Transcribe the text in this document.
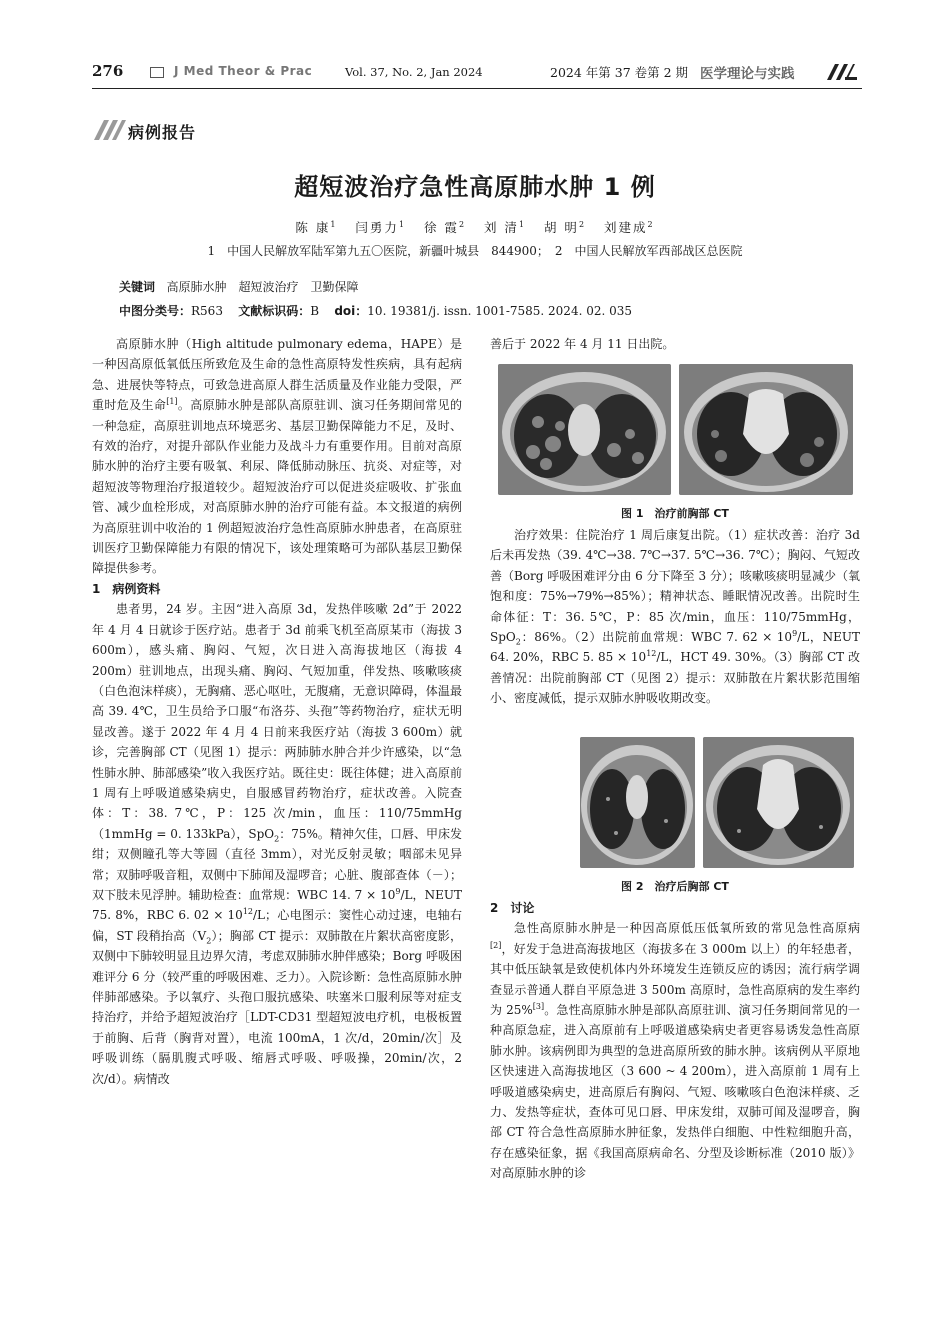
276	J Med Theor & Prac	Vol. 37, No. 2, Jan 2024	2024 年第 37 卷第 2 期 医学理论与实践
病例报告
超短波治疗急性高原肺水肿 1 例
陈 康$^1$ 闫勇力$^1$ 徐 霞$^2$ 刘 清$^1$ 胡 明$^2$ 刘建成$^2$
1　中国人民解放军陆军第九五〇医院，新疆叶城县　844900；　2　中国人民解放军西部战区总医院
关键词 高原肺水肿　超短波治疗　卫勤保障
中图分类号：R563 文献标识码：B doi：10. 19381/j. issn. 1001-7585. 2024. 02. 035

高原肺水肿（High altitude pulmonary edema，HAPE）是一种因高原低氧低压所致危及生命的急性高原特发性疾病，具有起病急、进展快等特点，可致急进高原人群生活质量及作业能力受限，严重时危及生命[1]。高原肺水肿是部队高原驻训、演习任务期间常见的一种急症，高原驻训地点环境恶劣、基层卫勤保障能力不足，及时、有效的治疗，对提升部队作业能力及战斗力有重要作用。目前对高原肺水肿的治疗主要有吸氧、利尿、降低肺动脉压、抗炎、对症等，对超短波等物理治疗报道较少。超短波治疗可以促进炎症吸收、扩张血管、减少血栓形成，对高原肺水肿的治疗可能有益。本文报道的病例为高原驻训中收治的 1 例超短波治疗急性高原肺水肿患者，在高原驻训医疗卫勤保障能力有限的情况下，该处理策略可为部队基层卫勤保障提供参考。

1　病例资料

患者男，24 岁。主因“进入高原 3d，发热伴咳嗽 2d”于 2022 年 4 月 4 日就诊于医疗站。患者于 3d 前乘飞机至高原某市（海拔 3 600m），感头痛、胸闷、气短，次日进入高海拔地区（海拔 4 200m）驻训地点，出现头痛、胸闷、气短加重，伴发热、咳嗽咳痰（白色泡沫样痰），无胸痛、恶心呕吐，无腹痛，无意识障碍，体温最高 39. 4℃，卫生员给予口服“布洛芬、头孢”等药物治疗，症状无明显改善。遂于 2022 年 4 月 4 日前来我医疗站（海拔 3 600m）就诊，完善胸部 CT（见图 1）提示：两肺肺水肿合并少许感染，以“急性肺水肿、肺部感染”收入我医疗站。既往史：既往体健；进入高原前 1 周有上呼吸道感染病史，自服感冒药物治疗，症状改善。入院查体：T：38. 7℃，P：125 次/min，血压：110/75mmHg（1mmHg = 0. 133kPa），SpO$_2$：75%。精神欠佳，口唇、甲床发绀；双侧瞳孔等大等圆（直径 3mm），对光反射灵敏；咽部未见异常；双肺呼吸音粗，双侧中下肺闻及湿啰音；心脏、腹部查体（－）；双下肢未见浮肿。辅助检查：血常规：WBC 14. $7 \times 10^9/L$，NEUT 75. 8%，RBC 6. $02 \times 10^{12}/L$；心电图示：窦性心动过速，电轴右偏，ST 段稍抬高$(V_2)$；胸部 CT 提示：双肺散在片絮状高密度影，双侧中下肺较明显且边界欠清，考虑双肺肺水肿伴感染；Borg 呼吸困难评分 6 分（较严重的呼吸困难、乏力）。入院诊断：急性高原肺水肿伴肺部感染。予以氧疗、头孢口服抗感染、呋塞米口服利尿等对症支持治疗，并给予超短波治疗［LDT-CD31 型超短波电疗机，电极板置于前胸、后背（胸背对置），电流 100mA，1 次/d，20min/次］及呼吸训练（膈肌腹式呼吸、缩唇式呼吸、呼吸操，20min/次，2 次/d）。病情改

善后于 2022 年 4 月 11 日出院。

图 1　治疗前胸部 CT

治疗效果：住院治疗 1 周后康复出院。（1）症状改善：治疗 3d 后未再发热（39. 4℃→38. 7℃→37. 5℃→36. 7℃）；胸闷、气短改善（Borg 呼吸困难评分由 6 分下降至 3 分）；咳嗽咳痰明显减少（氧饱和度：75%→79%→85%）；精神状态、睡眠情况改善。出院时生命体征：T：36. 5℃，P：85 次/min，血压：110/75mmHg，SpO$_2$：86%。（2）出院前血常规：WBC 7. $62 \times 10^9/L$，NEUT 64. 20%，RBC 5. $85 \times 10^{12}/L$，HCT 49. 30%。（3）胸部 CT 改善情况：出院前胸部 CT（见图 2）提示：双肺散在片絮状影范围缩小、密度减低，提示双肺水肿吸收期改变。

图 2　治疗后胸部 CT
2　讨论

急性高原肺水肿是一种因高原低压低氧所致的常见急性高原病[2]，好发于急进高海拔地区（海拔多在 3 000m 以上）的年轻患者，其中低压缺氧是致使机体内外环境发生连锁反应的诱因；流行病学调查显示普通人群自平原急进 3 500m 高原时，急性高原病的发生率约为 25%[3]。急性高原肺水肿是部队高原驻训、演习任务期间常见的一种高原急症，进入高原前有上呼吸道感染病史者更容易诱发急性高原肺水肿。该病例即为典型的急进高原所致的肺水肿。该病例从平原地区快速进入高海拔地区（3 600 ~ 4 200m），进入高原前 1 周有上呼吸道感染病史，进高原后有胸闷、气短、咳嗽咳白色泡沫样痰、乏力、发热等症状，查体可见口唇、甲床发绀，双肺可闻及湿啰音，胸部 CT 符合急性高原肺水肿征象，发热伴白细胞、中性粒细胞升高，存在感染征象，据《我国高原病命名、分型及诊断标准（2010 版）》对高原肺水肿的诊
